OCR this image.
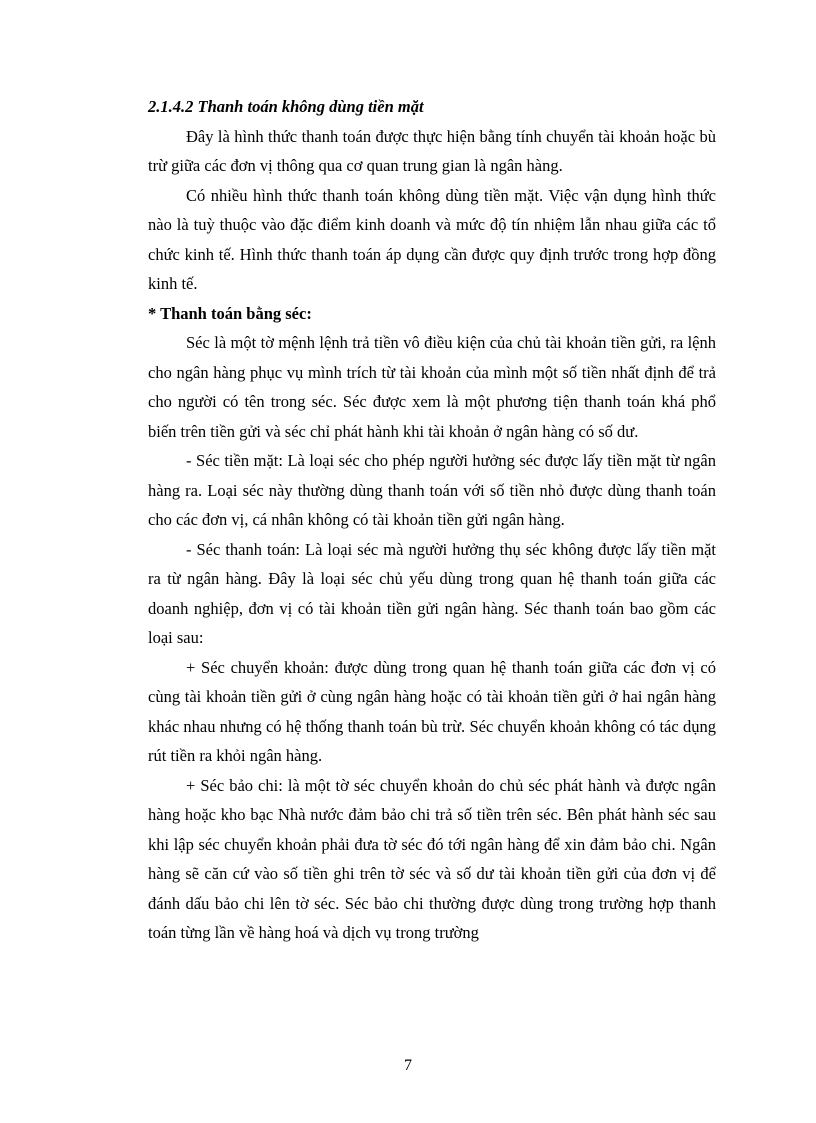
2.1.4.2 Thanh toán không dùng tiền mặt

Đây là hình thức thanh toán được thực hiện bằng tính chuyển tài khoản hoặc bù trừ giữa các đơn vị thông qua cơ quan trung gian là ngân hàng.

Có nhiều hình thức thanh toán không dùng tiền mặt. Việc vận dụng hình thức nào là tuỳ thuộc vào đặc điểm kinh doanh và mức độ tín nhiệm lẫn nhau giữa các tổ chức kinh tế. Hình thức thanh toán áp dụng cần được quy định trước trong hợp đồng kinh tế.

* Thanh toán bằng séc:

Séc là một tờ mệnh lệnh trả tiền vô điều kiện của chủ tài khoản tiền gửi, ra lệnh cho ngân hàng phục vụ mình trích từ tài khoản của mình một số tiền nhất định để trả cho người có tên trong séc. Séc được xem là một phương tiện thanh toán khá phổ biến trên tiền gửi và séc chỉ phát hành khi tài khoản ở ngân hàng có số dư.

- Séc tiền mặt: Là loại séc cho phép người hưởng séc được lấy tiền mặt từ ngân hàng ra. Loại séc này thường dùng thanh toán với số tiền nhỏ được dùng thanh toán cho các đơn vị, cá nhân không có tài khoản tiền gửi ngân hàng.

- Séc thanh toán: Là loại séc mà người hưởng thụ séc không được lấy tiền mặt ra từ ngân hàng. Đây là loại séc chủ yếu dùng trong quan hệ thanh toán giữa các doanh nghiệp, đơn vị có tài khoản tiền gửi ngân hàng. Séc thanh toán bao gồm các loại sau:

+ Séc chuyển khoản: được dùng trong quan hệ thanh toán giữa các đơn vị có cùng tài khoản tiền gửi ở cùng ngân hàng hoặc có tài khoản tiền gửi ở hai ngân hàng khác nhau nhưng có hệ thống thanh toán bù trừ. Séc chuyển khoản không có tác dụng rút tiền ra khỏi ngân hàng.

+ Séc bảo chi: là một tờ séc chuyển khoản do chủ séc phát hành và được ngân hàng hoặc kho bạc Nhà nước đảm bảo chi trả số tiền trên séc. Bên phát hành séc sau khi lập séc chuyển khoản phải đưa tờ séc đó tới ngân hàng để xin đảm bảo chi. Ngân hàng sẽ căn cứ vào số tiền ghi trên tờ séc và số dư tài khoản tiền gửi của đơn vị để đánh dấu bảo chi lên tờ séc. Séc bảo chi thường được dùng trong trường hợp thanh toán từng lần về hàng hoá và dịch vụ trong trường

7
